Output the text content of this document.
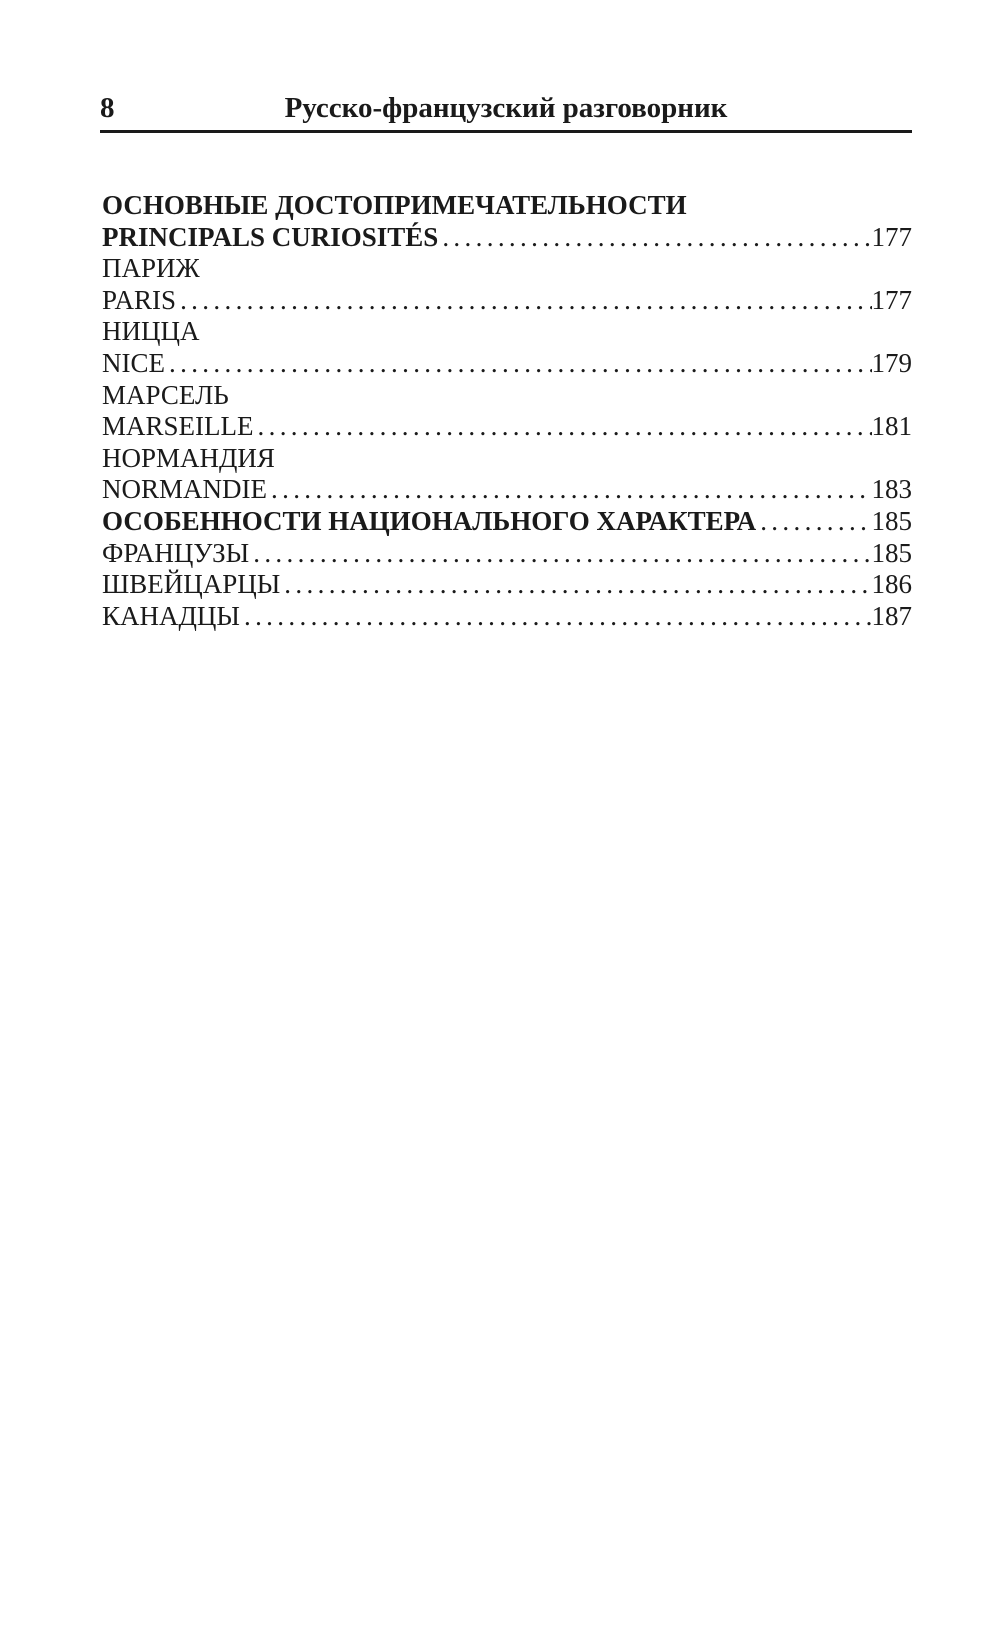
8	Русско-французский разговорник
ОСНОВНЫЕ ДОСТОПРИМЕЧАТЕЛЬНОСТИ
PRINCIPALS CURIOSITÉS . . .	177
ПАРИЖ
PARIS . . .	177
НИЦЦА
NICE . . .	179
МАРСЕЛЬ
MARSEILLE . . .	181
НОРМАНДИЯ
NORMANDIE . . .	183
ОСОБЕННОСТИ НАЦИОНАЛЬНОГО ХАРАКТЕРА . . .	185
ФРАНЦУЗЫ . . .	185
ШВЕЙЦАРЦЫ . . .	186
КАНАДЦЫ . . .	187
